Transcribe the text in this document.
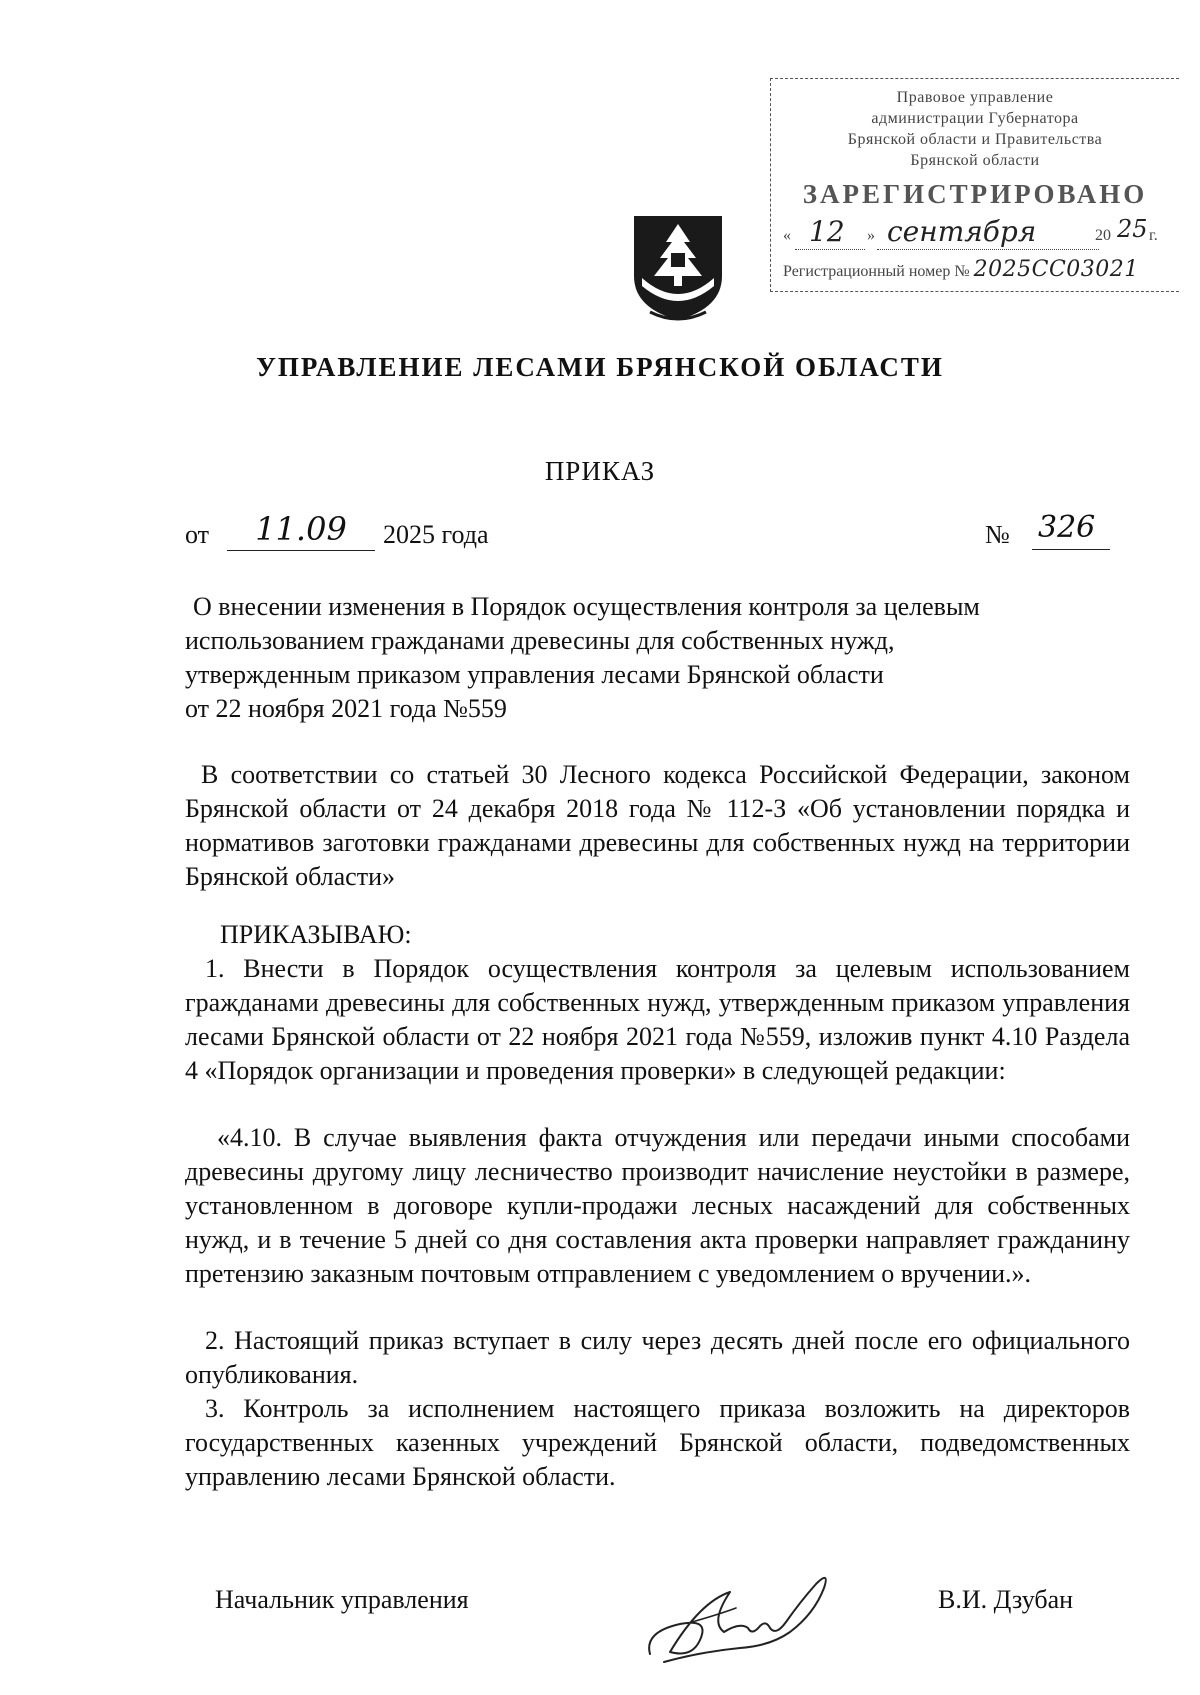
Правовое управление
администрации Губернатора
Брянской области и Правительства
Брянской области
ЗАРЕГИСТРИРОВАНО
« 12 » сентября	20 25 г.
Регистрационный номер № 2025СС03021
УПРАВЛЕНИЕ ЛЕСАМИ БРЯНСКОЙ ОБЛАСТИ
ПРИКАЗ
от	11.09	2025 года	№ 326
О внесении изменения в Порядок осуществления контроля за целевым
использованием гражданами древесины для собственных нужд,
утвержденным приказом управления лесами Брянской области
от 22 ноября 2021 года №559
В соответствии со статьей 30 Лесного кодекса Российской Федерации, законом Брянской области от 24 декабря 2018 года № 112-З «Об установлении порядка и нормативов заготовки гражданами древесины для собственных нужд на территории Брянской области»
ПРИКАЗЫВАЮ:
1. Внести в Порядок осуществления контроля за целевым использованием гражданами древесины для собственных нужд, утвержденным приказом управления лесами Брянской области от 22 ноября 2021 года №559, изложив пункт 4.10 Раздела 4 «Порядок организации и проведения проверки» в следующей редакции:
«4.10. В случае выявления факта отчуждения или передачи иными способами древесины другому лицу лесничество производит начисление неустойки в размере, установленном в договоре купли-продажи лесных насаждений для собственных нужд, и в течение 5 дней со дня составления акта проверки направляет гражданину претензию заказным почтовым отправлением с уведомлением о вручении.».
2. Настоящий приказ вступает в силу через десять дней после его официального опубликования.
3. Контроль за исполнением настоящего приказа возложить на директоров государственных казенных учреждений Брянской области, подведомственных управлению лесами Брянской области.
Начальник управления	В.И. Дзубан
